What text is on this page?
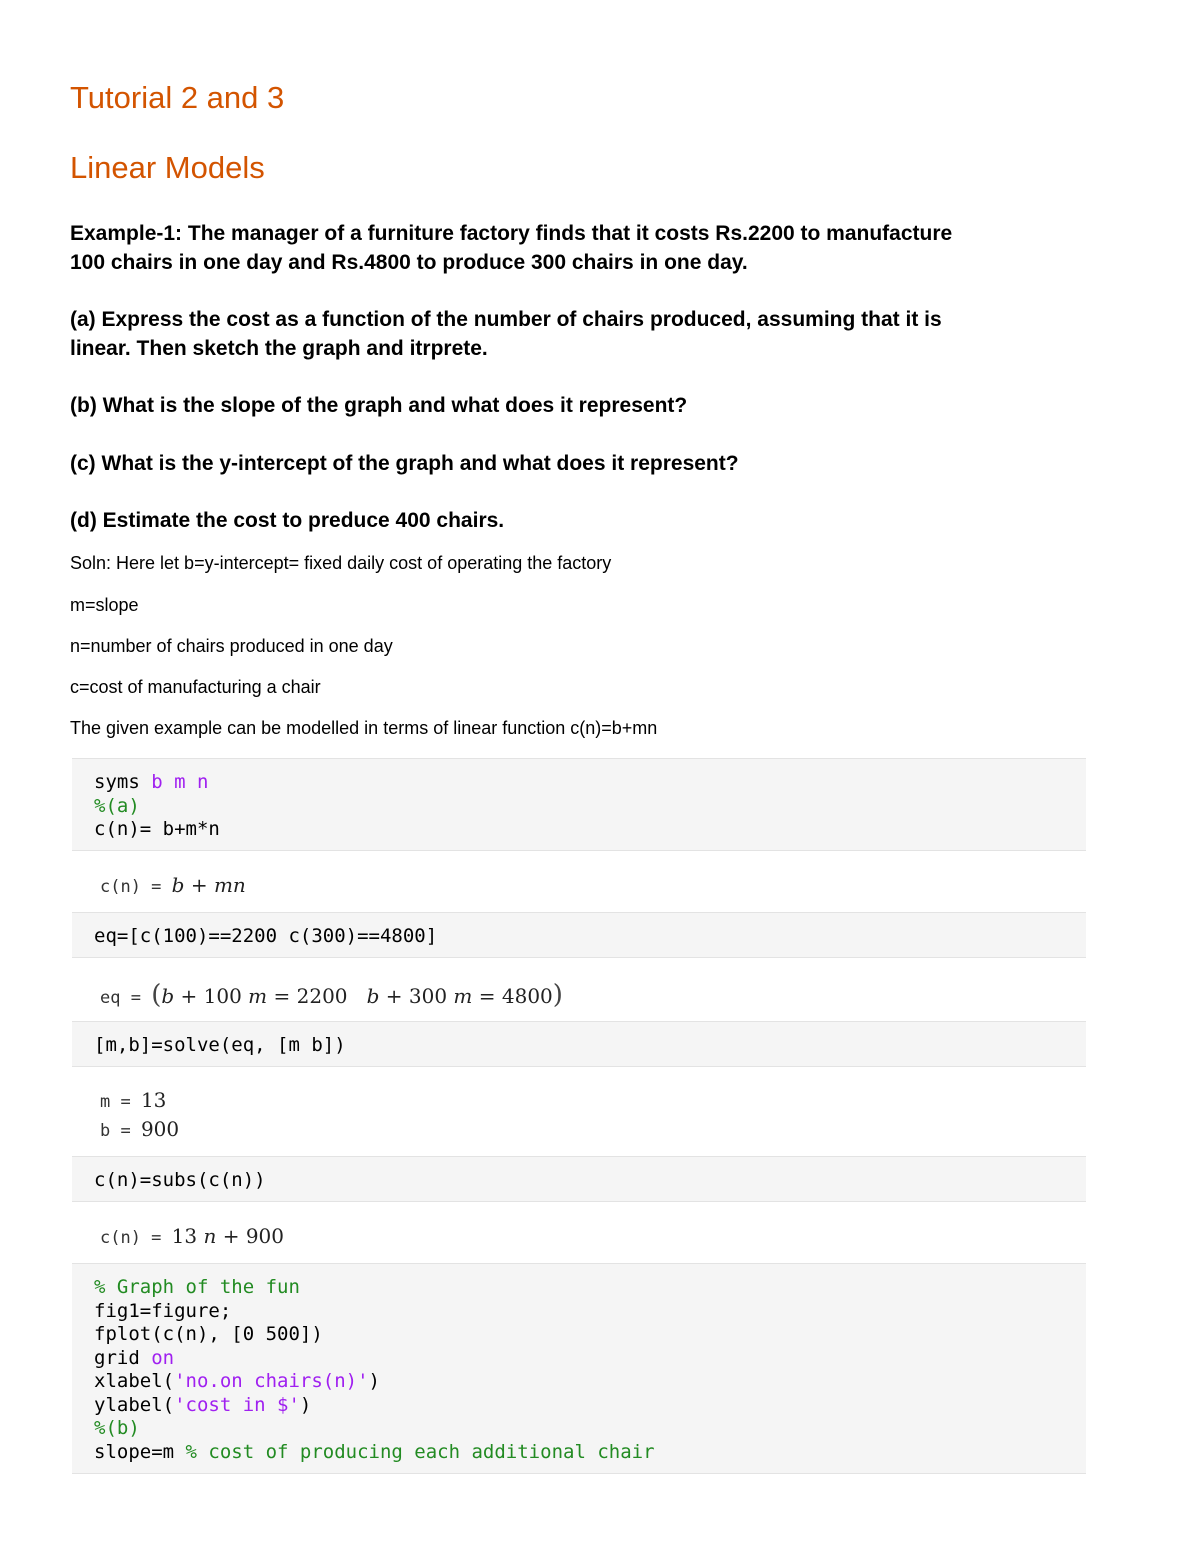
Tutorial 2 and 3
Linear Models
Example-1: The manager of a furniture factory finds that it costs Rs.2200 to manufacture
100 chairs in one day and Rs.4800 to produce 300 chairs in one day.
(a) Express the cost as a function of the number of chairs produced, assuming that it is
linear. Then sketch the graph and itrprete.
(b) What is the slope of the graph and what does it represent?
(c) What is the y-intercept of the graph and what does it represent?
(d) Estimate the cost to preduce 400 chairs.
Soln: Here let b=y-intercept= fixed daily cost of operating the factory
m=slope
n=number of chairs produced in one day
c=cost of manufacturing a chair
The given example can be modelled in terms of linear function c(n)=b+mn
syms b m n
%(a)
c(n)= b+m*n
c(n) = b + mn
eq=[c(100)==2200 c(300)==4800]
eq = (b + 100 m = 2200 b + 300 m = 4800)
[m,b]=solve(eq, [m b])
m = 13
b = 900
c(n)=subs(c(n))
c(n) = 13 n + 900
% Graph of the fun
fig1=figure;
fplot(c(n), [0 500])
grid on
xlabel('no.on chairs(n)')
ylabel('cost in $')
%(b)
slope=m % cost of producing each additional chair
